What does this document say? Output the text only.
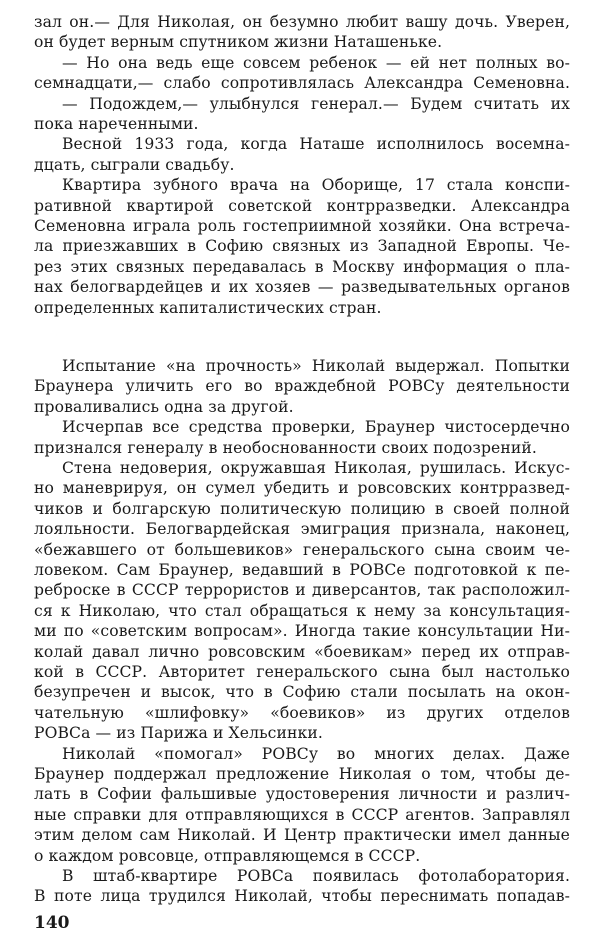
зал он.— Для Николая, он безумно любит вашу дочь. Уверен,
он будет верным спутником жизни Наташеньке.
— Но она ведь еще совсем ребенок — ей нет полных во-
семнадцати,— слабо сопротивлялась Александра Семеновна.
— Подождем,— улыбнулся генерал.— Будем считать их
пока нареченными.
Весной 1933 года, когда Наташе исполнилось восемна-
дцать, сыграли свадьбу.
Квартира зубного врача на Оборище, 17 стала конспи-
ративной квартирой советской контрразведки. Александра
Семеновна играла роль гостеприимной хозяйки. Она встреча-
ла приезжавших в Софию связных из Западной Европы. Че-
рез этих связных передавалась в Москву информация о пла-
нах белогвардейцев и их хозяев — разведывательных органов
определенных капиталистических стран.
Испытание «на прочность» Николай выдержал. Попытки
Браунера уличить его во враждебной РОВСу деятельности
проваливались одна за другой.
Исчерпав все средства проверки, Браунер чистосердечно
признался генералу в необоснованности своих подозрений.
Стена недоверия, окружавшая Николая, рушилась. Искус-
но маневрируя, он сумел убедить и ровсовских контрразвед-
чиков и болгарскую политическую полицию в своей полной
лояльности. Белогвардейская эмиграция признала, наконец,
«бежавшего от большевиков» генеральского сына своим че-
ловеком. Сам Браунер, ведавший в РОВСе подготовкой к пе-
реброске в СССР террористов и диверсантов, так расположил-
ся к Николаю, что стал обращаться к нему за консультация-
ми по «советским вопросам». Иногда такие консультации Ни-
колай давал лично ровсовским «боевикам» перед их отправ-
кой в СССР. Авторитет генеральского сына был настолько
безупречен и высок, что в Софию стали посылать на окон-
чательную «шлифовку» «боевиков» из других отделов
РОВСа — из Парижа и Хельсинки.
Николай «помогал» РОВСу во многих делах. Даже
Браунер поддержал предложение Николая о том, чтобы де-
лать в Софии фальшивые удостоверения личности и различ-
ные справки для отправляющихся в СССР агентов. Заправлял
этим делом сам Николай. И Центр практически имел данные
о каждом ровсовце, отправляющемся в СССР.
В штаб-квартире РОВСа появилась фотолаборатория.
В поте лица трудился Николай, чтобы переснимать попадав-
140
